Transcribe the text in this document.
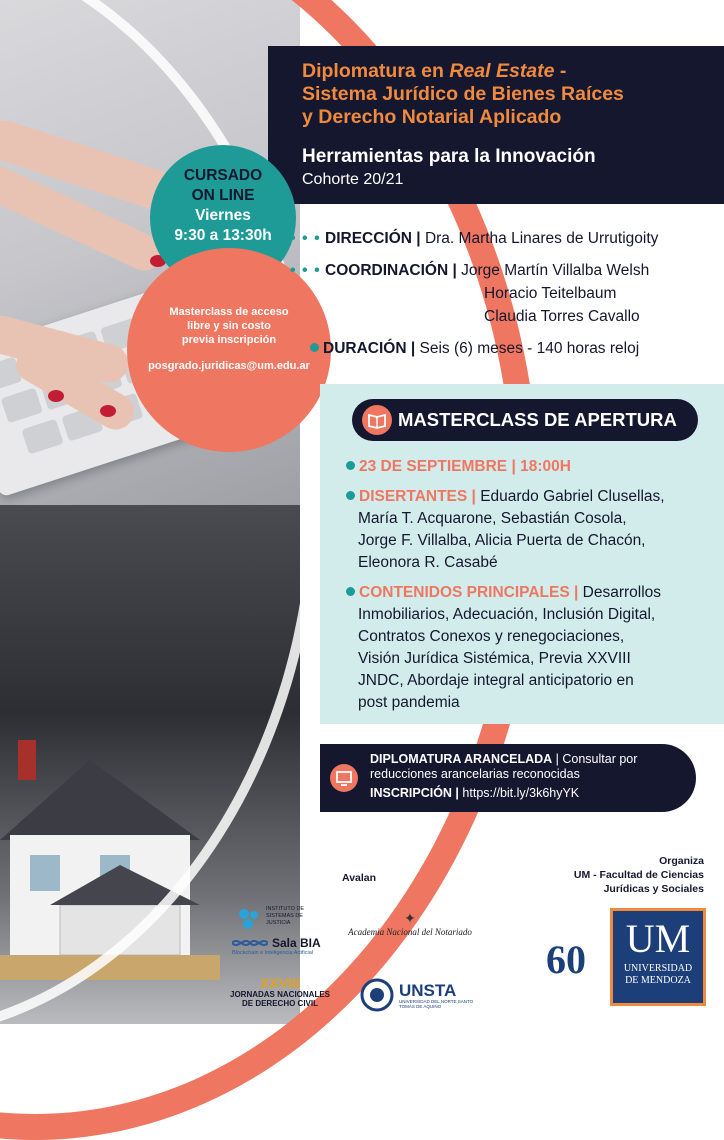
Diplomatura en Real Estate -
Sistema Jurídico de Bienes Raíces
y Derecho Notarial Aplicado
Herramientas para la Innovación
Cohorte 20/21
CURSADO
ON LINE
Viernes
9:30 a 13:30h
Masterclass de acceso
libre y sin costo
previa inscripción
posgrado.juridicas@um.edu.ar
• • • DIRECCIÓN | Dra. Martha Linares de Urrutigoity
• • • COORDINACIÓN | Jorge Martín Villalba Welsh
Horacio Teitelbaum
Claudia Torres Cavallo
DURACIÓN | Seis (6) meses - 140 horas reloj
MASTERCLASS DE APERTURA
23 DE SEPTIEMBRE | 18:00H
DISERTANTES | Eduardo Gabriel Clusellas,
María T. Acquarone, Sebastián Cosola,
Jorge F. Villalba, Alicia Puerta de Chacón,
Eleonora R. Casabé
CONTENIDOS PRINCIPALES | Desarrollos
Inmobiliarios, Adecuación, Inclusión Digital,
Contratos Conexos y renegociaciones,
Visión Jurídica Sistémica, Previa XXVIII
JNDC, Abordaje integral anticipatorio en
post pandemia
DIPLOMATURA ARANCELADA | Consultar por
reducciones arancelarias reconocidas
INSCRIPCIÓN | https://bit.ly/3k6hyYK
Avalan
Organiza
UM - Facultad de Ciencias
Jurídicas y Sociales
INSTITUTO DE SISTEMAS DE JUSTICIA
Sala BIA
Blockchain e Inteligencia Artificial
✦
Academia Nacional del Notariado
XXVIII
JORNADAS NACIONALES
DE DERECHO CIVIL
UNSTA
UNIVERSIDAD DEL NORTE SANTO TOMÁS DE AQUINO
60 UM
UNIVERSIDAD
DE MENDOZA
